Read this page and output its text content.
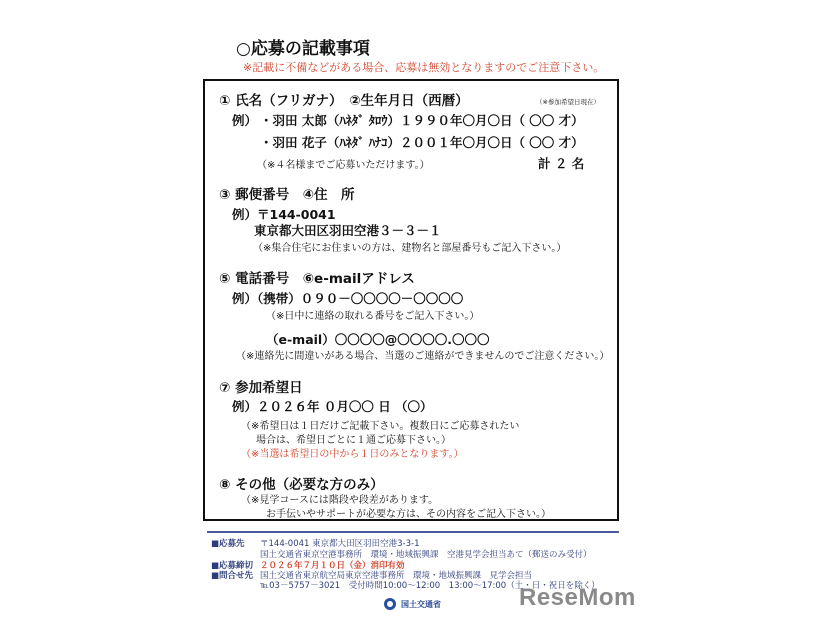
○応募の記載事項
※記載に不備などがある場合、応募は無効となりますのでご注意下さい。
① 氏名（フリガナ）　②生年月日（西暦）	（※参加希望日現在）
例） ・羽田 太郎（ﾊﾈﾀﾞ ﾀﾛｳ）１９９０年〇月〇日（ 〇〇 才）
・羽田 花子（ﾊﾈﾀﾞ ﾊﾅｺ）２００１年〇月〇日（ 〇〇 才）
（※４名様までご応募いただけます。）	計 ２ 名
③ 郵便番号　④住　所
例）〒144-0041
東京都大田区羽田空港３－３－１
（※集合住宅にお住まいの方は、建物名と部屋番号もご記入下さい。）
⑤ 電話番号　⑥e-mailアドレス
例）（携帯）０９０－〇〇〇〇－〇〇〇〇
（※日中に連絡の取れる番号をご記入下さい。）
（e-mail）〇〇〇〇@〇〇〇〇.〇〇〇
（※連絡先に間違いがある場合、当選のご連絡ができませんのでご注意ください。）
⑦ 参加希望日
例）２０２６年 ０月〇〇 日 （〇）
（※希望日は１日だけご記載下さい。複数日にご応募されたい
場合は、希望日ごとに１通ご応募下さい。）
（※当選は希望日の中から１日のみとなります。）
⑧ その他（必要な方のみ）
（※見学コースには階段や段差があります。
お手伝いやサポートが必要な方は、その内容をご記入下さい。）
■応募先 〒144-0041 東京都大田区羽田空港3-3-1
国土交通省東京空港事務所　環境・地域振興課　空港見学会担当あて（郵送のみ受付）
■応募締切 ２０２６年７月１０日（金）消印有効
■問合せ先 国土交通省東京航空局東京空港事務所　環境・地域振興課　見学会担当
℡03－5757－3021　受付時間10:00～12:00　13:00～17:00（土・日・祝日を除く）
国土交通省	ReseMom
